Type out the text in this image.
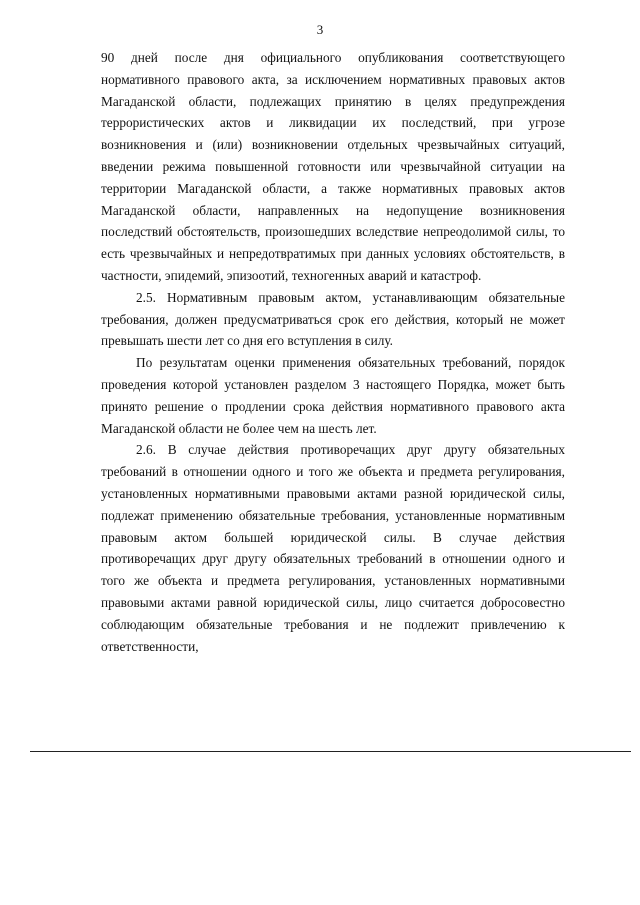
3

90 дней после дня официального опубликования соответствующего нормативного правового акта, за исключением нормативных правовых актов Магаданской области, подлежащих принятию в целях предупреждения террористических актов и ликвидации их последствий, при угрозе возникновения и (или) возникновении отдельных чрезвычайных ситуаций, введении режима повышенной готовности или чрезвычайной ситуации на территории Магаданской области, а также нормативных правовых актов Магаданской области, направленных на недопущение возникновения последствий обстоятельств, произошедших вследствие непреодолимой силы, то есть чрезвычайных и непредотвратимых при данных условиях обстоятельств, в частности, эпидемий, эпизоотий, техногенных аварий и катастроф.

2.5. Нормативным правовым актом, устанавливающим обязательные требования, должен предусматриваться срок его действия, который не может превышать шести лет со дня его вступления в силу.

По результатам оценки применения обязательных требований, порядок проведения которой установлен разделом 3 настоящего Порядка, может быть принято решение о продлении срока действия нормативного правового акта Магаданской области не более чем на шесть лет.

2.6. В случае действия противоречащих друг другу обязательных требований в отношении одного и того же объекта и предмета регулирования, установленных нормативными правовыми актами разной юридической силы, подлежат применению обязательные требования, установленные нормативным правовым актом большей юридической силы. В случае действия противоречащих друг другу обязательных требований в отношении одного и того же объекта и предмета регулирования, установленных нормативными правовыми актами равной юридической силы, лицо считается добросовестно соблюдающим обязательные требования и не подлежит привлечению к ответственности,
